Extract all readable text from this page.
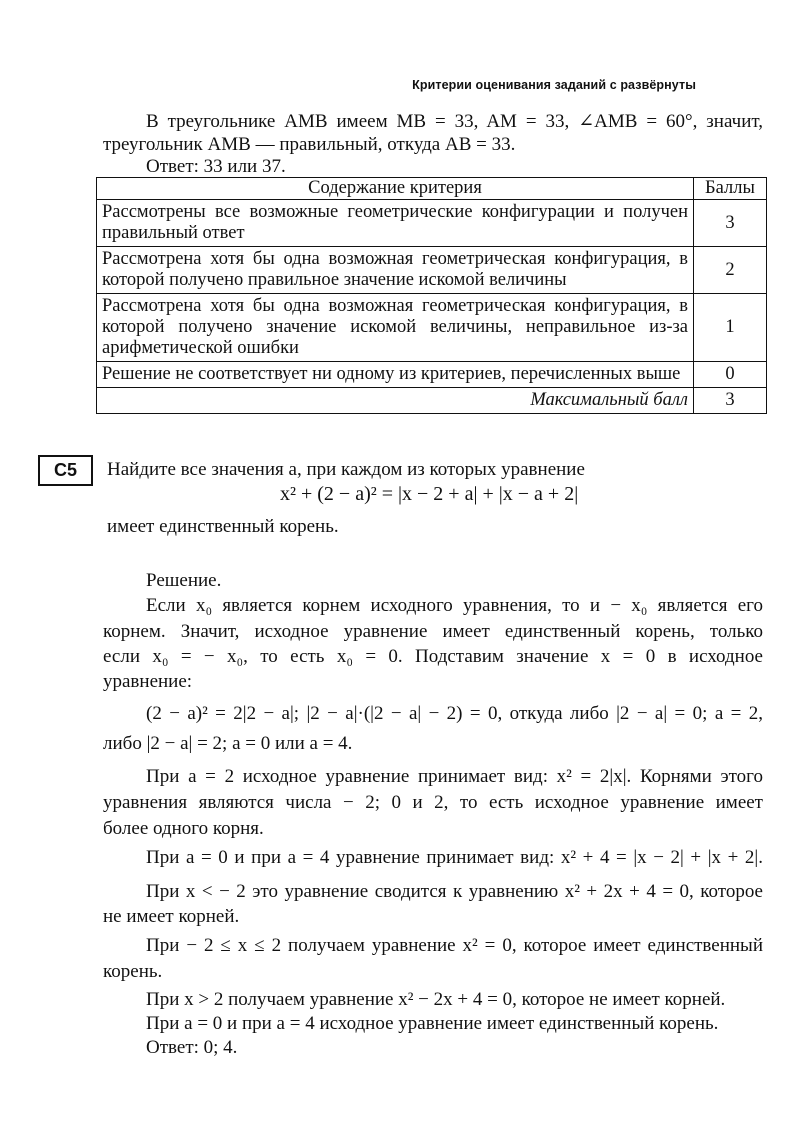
Критерии оценивания заданий с развёрнуты
В треугольнике AMB имеем MB = 33, AM = 33, ∠AMB = 60°, значит,
треугольник AMB — правильный, откуда AB = 33.
Ответ: 33 или 37.
Содержание критерия	Баллы
Рассмотрены все возможные геометрические конфигурации и получен правильный ответ	3
Рассмотрена хотя бы одна возможная геометрическая конфигурация, в которой получено правильное значение искомой величины	2
Рассмотрена хотя бы одна возможная геометрическая конфигурация, в которой получено значение искомой величины, неправильное из-за арифметической ошибки	1
Решение не соответствует ни одному из критериев, перечисленных выше	0
Максимальный балл	3
С5	Найдите все значения a, при каждом из которых уравнение
x² + (2 − a)² = |x − 2 + a| + |x − a + 2|
имеет единственный корень.
Решение.
Если x₀ является корнем исходного уравнения, то и − x₀ является его
корнем. Значит, исходное уравнение имеет единственный корень, только
если x₀ = − x₀, то есть x₀ = 0. Подставим значение x = 0 в исходное
уравнение:
(2 − a)² = 2|2 − a|; |2 − a|·(|2 − a| − 2) = 0, откуда либо |2 − a| = 0; a = 2,
либо |2 − a| = 2; a = 0 или a = 4.
При a = 2 исходное уравнение принимает вид: x² = 2|x|. Корнями этого
уравнения являются числа − 2; 0 и 2, то есть исходное уравнение имеет
более одного корня.
При a = 0 и при a = 4 уравнение принимает вид: x² + 4 = |x − 2| + |x + 2|.
При x < − 2 это уравнение сводится к уравнению x² + 2x + 4 = 0, которое
не имеет корней.
При − 2 ≤ x ≤ 2 получаем уравнение x² = 0, которое имеет единственный
корень.
При x > 2 получаем уравнение x² − 2x + 4 = 0, которое не имеет корней.
При a = 0 и при a = 4 исходное уравнение имеет единственный корень.
Ответ: 0; 4.
